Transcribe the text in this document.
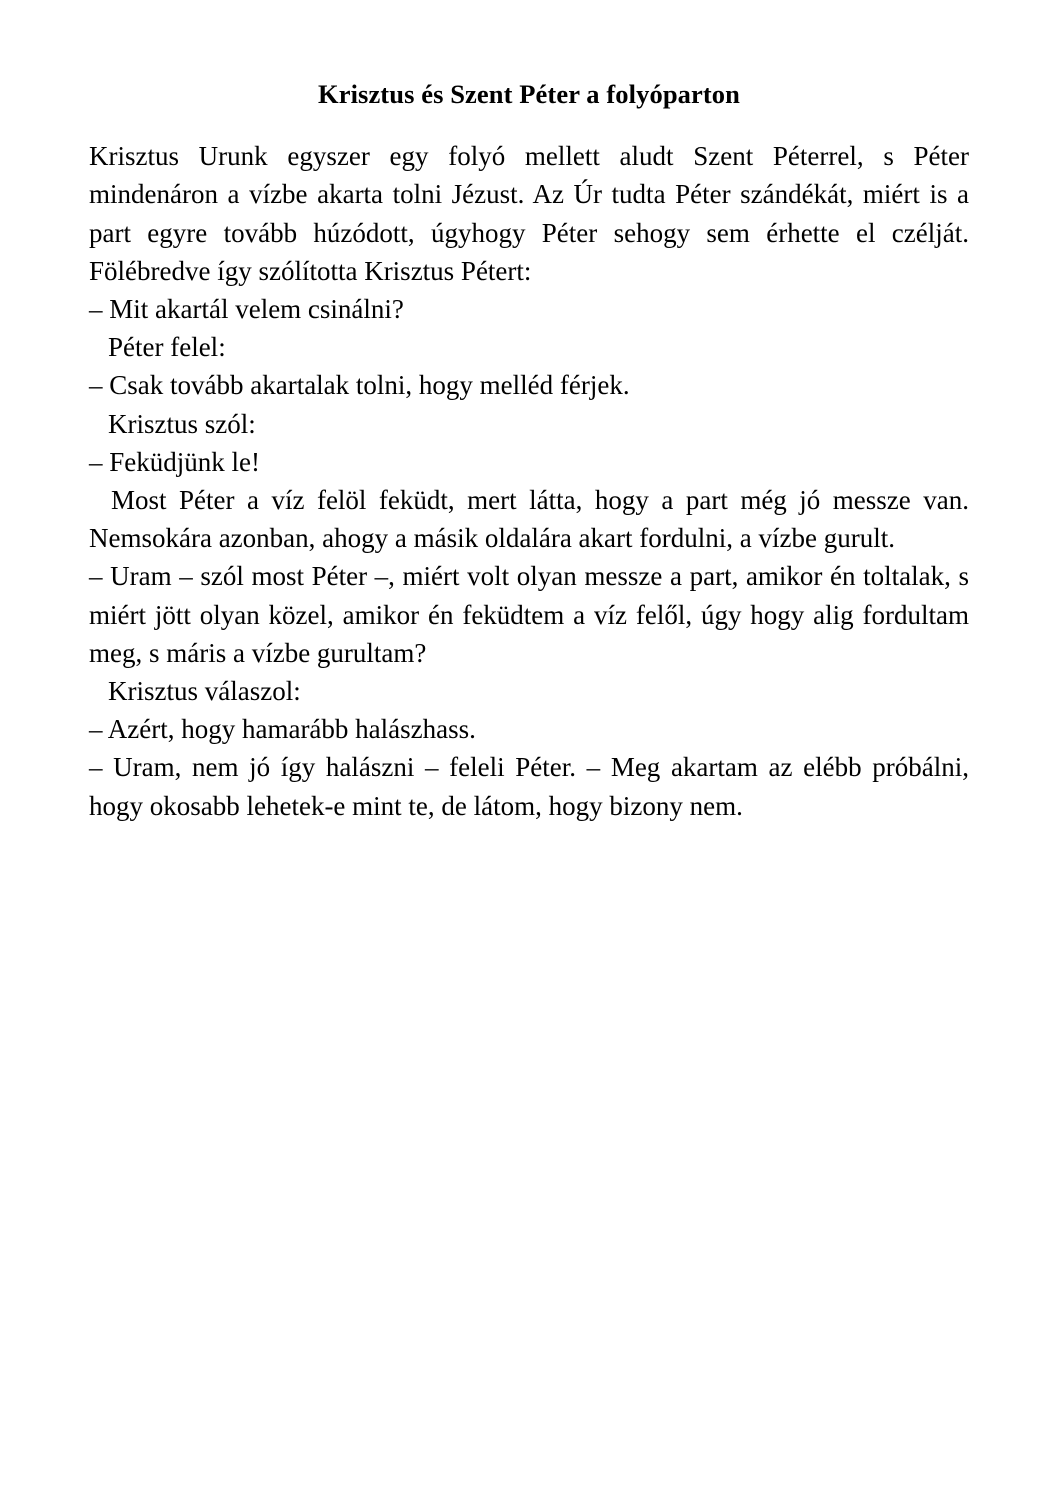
Krisztus és Szent Péter a folyóparton

Krisztus Urunk egyszer egy folyó mellett aludt Szent Péterrel, s Péter mindenáron a vízbe akarta tolni Jézust. Az Úr tudta Péter szándékát, miért is a part egyre tovább húzódott, úgyhogy Péter sehogy sem érhette el czélját. Fölébredve így szólította Krisztus Pétert:

– Mit akartál velem csinálni?

Péter felel:

– Csak tovább akartalak tolni, hogy melléd férjek.

Krisztus szól:

– Feküdjünk le!

Most Péter a víz felöl feküdt, mert látta, hogy a part még jó messze van. Nemsokára azonban, ahogy a másik oldalára akart fordulni, a vízbe gurult.

– Uram – szól most Péter –, miért volt olyan messze a part, amikor én toltalak, s miért jött olyan közel, amikor én feküdtem a víz felől, úgy hogy alig fordultam meg, s máris a vízbe gurultam?

Krisztus válaszol:

– Azért, hogy hamarább halászhass.

– Uram, nem jó így halászni – feleli Péter. – Meg akartam az elébb próbálni, hogy okosabb lehetek-e mint te, de látom, hogy bizony nem.
